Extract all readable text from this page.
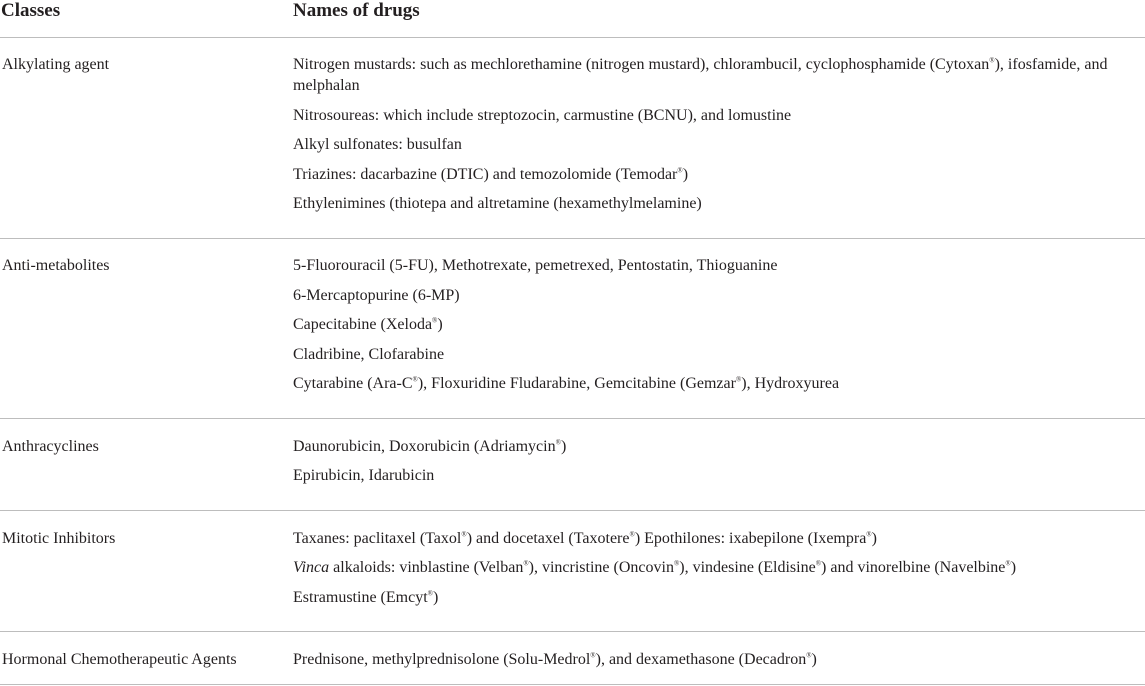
Classes	Names of drugs
Alkylating agent	Nitrogen mustards: such as mechlorethamine (nitrogen mustard), chlorambucil, cyclophosphamide (Cytoxan®), ifosfamide, and melphalan
Nitrosoureas: which include streptozocin, carmustine (BCNU), and lomustine
Alkyl sulfonates: busulfan
Triazines: dacarbazine (DTIC) and temozolomide (Temodar®)
Ethylenimines (thiotepa and altretamine (hexamethylmelamine)
Anti-metabolites	5-Fluorouracil (5-FU), Methotrexate, pemetrexed, Pentostatin, Thioguanine
6-Mercaptopurine (6-MP)
Capecitabine (Xeloda®)
Cladribine, Clofarabine
Cytarabine (Ara-C®), Floxuridine Fludarabine, Gemcitabine (Gemzar®), Hydroxyurea
Anthracyclines	Daunorubicin, Doxorubicin (Adriamycin®)
Epirubicin, Idarubicin
Mitotic Inhibitors	Taxanes: paclitaxel (Taxol®) and docetaxel (Taxotere®) Epothilones: ixabepilone (Ixempra®)
Vinca alkaloids: vinblastine (Velban®), vincristine (Oncovin®), vindesine (Eldisine®) and vinorelbine (Navelbine®)
Estramustine (Emcyt®)
Hormonal Chemotherapeutic Agents	Prednisone, methylprednisolone (Solu-Medrol®), and dexamethasone (Decadron®)
